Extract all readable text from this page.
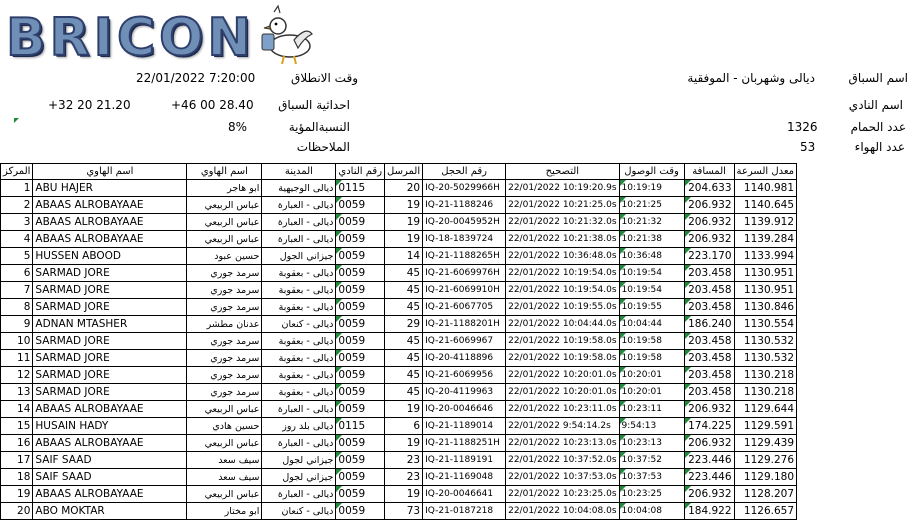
BRICON
22/01/2022 7:20:00	وقت الانطلاق	ديالى وشهربان - الموفقية	اسم السباق
+32 20 21.20	+46 00 28.40 احداثية السباق	اسم النادي
8%	النسبةالمؤية	1326	عدد الحمام
الملاحظات	53	عدد الهواء
المركز	اسم الهاوي	اسم الهاوي	المدينة	رقم النادي	المرسل	رقم الحجل	التصحيح	وقت الوصول	المسافة	معدل السرعة
1	ABU HAJER	ابو هاجر	ديالى الوجيهية	0115	20	IQ-20-5029966H	22/01/2022 10:19:20.9s	10:19:19	204.633	1140.981
2	ABAAS ALROBAYAAE	عباس الربيعي	ديالى - العبارة	0059	19	IQ-21-1188246	22/01/2022 10:21:25.0s	10:21:25	206.932	1140.645
3	ABAAS ALROBAYAAE	عباس الربيعي	ديالى - العبارة	0059	19	IQ-20-0045952H	22/01/2022 10:21:32.0s	10:21:32	206.932	1139.912
4	ABAAS ALROBAYAAE	عباس الربيعي	ديالى - العبارة	0059	19	IQ-18-1839724	22/01/2022 10:21:38.0s	10:21:38	206.932	1139.284
5	HUSSEN ABOOD	حسين عبود	جيزاني الجول	0059	14	IQ-21-1188265H	22/01/2022 10:36:48.0s	10:36:48	223.170	1133.994
6	SARMAD JORE	سرمد جوري	ديالى - بعقوبة	0059	45	IQ-21-6069976H	22/01/2022 10:19:54.0s	10:19:54	203.458	1130.951
7	SARMAD JORE	سرمد جوري	ديالى - بعقوبة	0059	45	IQ-21-6069910H	22/01/2022 10:19:54.0s	10:19:54	203.458	1130.951
8	SARMAD JORE	سرمد جوري	ديالى - بعقوبة	0059	45	IQ-21-6067705	22/01/2022 10:19:55.0s	10:19:55	203.458	1130.846
9	ADNAN MTASHER	عدنان مطشر	ديالى - كنعان	0059	29	IQ-21-1188201H	22/01/2022 10:04:44.0s	10:04:44	186.240	1130.554
10	SARMAD JORE	سرمد جوري	ديالى - بعقوبة	0059	45	IQ-21-6069967	22/01/2022 10:19:58.0s	10:19:58	203.458	1130.532
11	SARMAD JORE	سرمد جوري	ديالى - بعقوبة	0059	45	IQ-20-4118896	22/01/2022 10:19:58.0s	10:19:58	203.458	1130.532
12	SARMAD JORE	سرمد جوري	ديالى - بعقوبة	0059	45	IQ-21-6069956	22/01/2022 10:20:01.0s	10:20:01	203.458	1130.218
13	SARMAD JORE	سرمد جوري	ديالى - بعقوبة	0059	45	IQ-20-4119963	22/01/2022 10:20:01.0s	10:20:01	203.458	1130.218
14	ABAAS ALROBAYAAE	عباس الربيعي	ديالى - العبارة	0059	19	IQ-20-0046646	22/01/2022 10:23:11.0s	10:23:11	206.932	1129.644
15	HUSAIN HADY	حسين هادي	ديالى بلد روز	0115	6	IQ-21-1189014	22/01/2022 9:54:14.2s	9:54:13	174.225	1129.591
16	ABAAS ALROBAYAAE	عباس الربيعي	ديالى - العبارة	0059	19	IQ-21-1188251H	22/01/2022 10:23:13.0s	10:23:13	206.932	1129.439
17	SAIF SAAD	سيف سعد	جيزاني لجول	0059	23	IQ-21-1189191	22/01/2022 10:37:52.0s	10:37:52	223.446	1129.276
18	SAIF SAAD	سيف سعد	جيزاني لجول	0059	23	IQ-21-1169048	22/01/2022 10:37:53.0s	10:37:53	223.446	1129.180
19	ABAAS ALROBAYAAE	عباس الربيعي	ديالى - العبارة	0059	19	IQ-20-0046641	22/01/2022 10:23:25.0s	10:23:25	206.932	1128.207
20	ABO MOKTAR	ابو مختار	ديالى - كنعان	0059	73	IQ-21-0187218	22/01/2022 10:04:08.0s	10:04:08	184.922	1126.657
